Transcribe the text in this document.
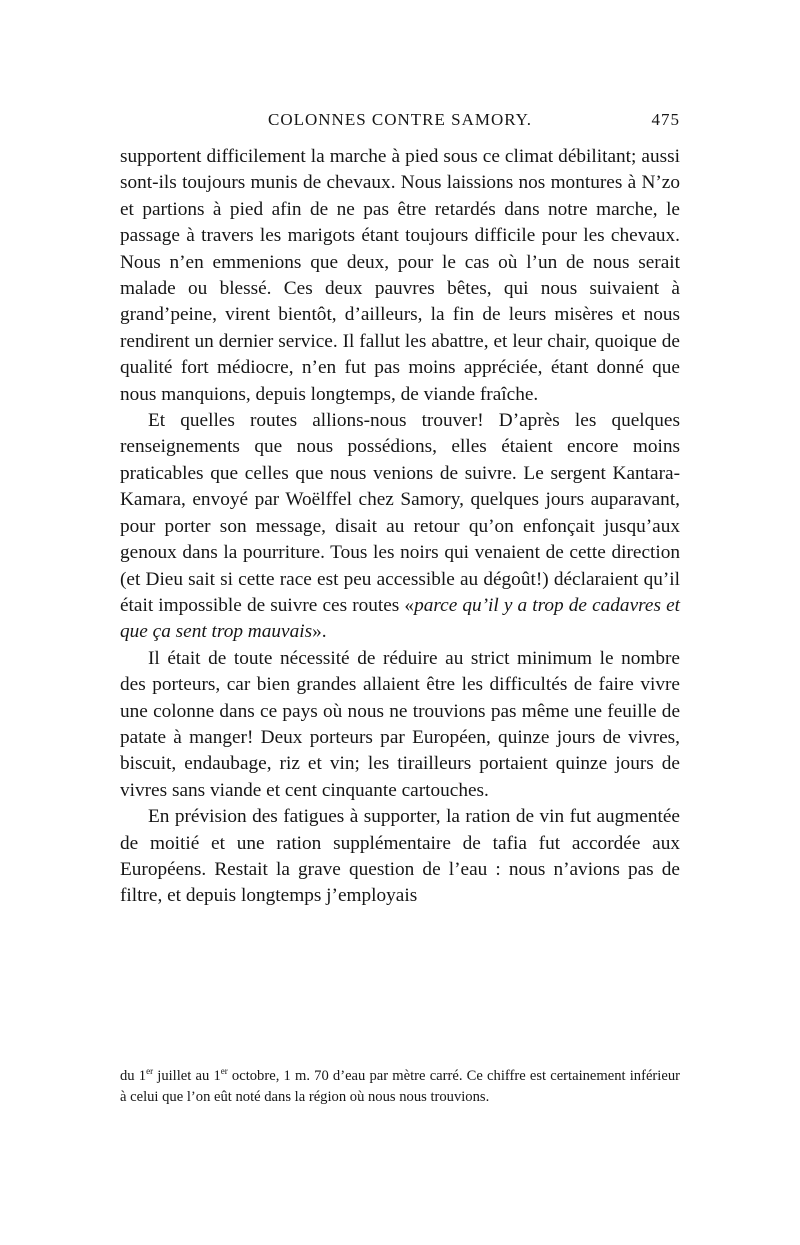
COLONNES CONTRE SAMORY.	475

supportent difficilement la marche à pied sous ce climat débilitant; aussi sont-ils toujours munis de chevaux. Nous laissions nos montures à N’zo et partions à pied afin de ne pas être retardés dans notre marche, le passage à travers les marigots étant toujours difficile pour les chevaux. Nous n’en emmenions que deux, pour le cas où l’un de nous serait malade ou blessé. Ces deux pauvres bêtes, qui nous suivaient à grand’peine, virent bientôt, d’ailleurs, la fin de leurs misères et nous rendirent un dernier service. Il fallut les abattre, et leur chair, quoique de qualité fort médiocre, n’en fut pas moins appréciée, étant donné que nous manquions, depuis longtemps, de viande fraîche.

Et quelles routes allions-nous trouver! D’après les quelques renseignements que nous possédions, elles étaient encore moins praticables que celles que nous venions de suivre. Le sergent Kantara-Kamara, envoyé par Woëlffel chez Samory, quelques jours auparavant, pour porter son message, disait au retour qu’on enfonçait jusqu’aux genoux dans la pourriture. Tous les noirs qui venaient de cette direction (et Dieu sait si cette race est peu accessible au dégoût!) déclaraient qu’il était impossible de suivre ces routes «parce qu’il y a trop de cadavres et que ça sent trop mauvais».

Il était de toute nécessité de réduire au strict minimum le nombre des porteurs, car bien grandes allaient être les difficultés de faire vivre une colonne dans ce pays où nous ne trouvions pas même une feuille de patate à manger! Deux porteurs par Européen, quinze jours de vivres, biscuit, endaubage, riz et vin; les tirailleurs portaient quinze jours de vivres sans viande et cent cinquante cartouches.

En prévision des fatigues à supporter, la ration de vin fut augmentée de moitié et une ration supplémentaire de tafia fut accordée aux Européens. Restait la grave question de l’eau : nous n’avions pas de filtre, et depuis longtemps j’employais

du 1er juillet au 1er octobre, 1 m. 70 d’eau par mètre carré. Ce chiffre est certainement inférieur à celui que l’on eût noté dans la région où nous nous trouvions.
